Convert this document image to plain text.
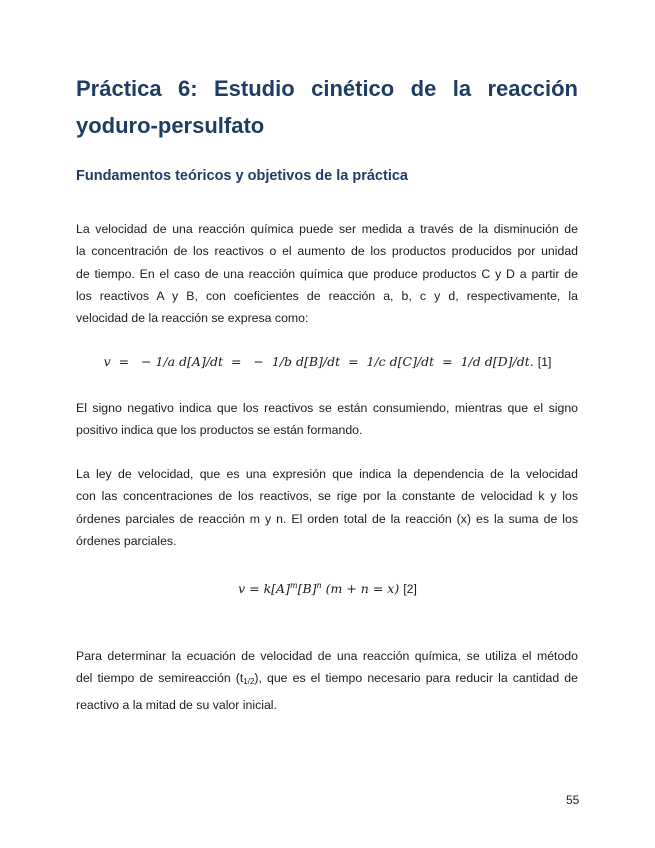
Práctica 6: Estudio cinético de la reacción
yoduro-persulfato
Fundamentos teóricos y objetivos de la práctica

La velocidad de una reacción química puede ser medida a través de la disminución de
la concentración de los reactivos o el aumento de los productos producidos por unidad
de tiempo. En el caso de una reacción química que produce productos C y D a partir de
los reactivos A y B, con coeficientes de reacción a, b, c y d, respectivamente, la
velocidad de la reacción se expresa como:

v  =   − 1/a d[A]/dt  =   −  1/b d[B]/dt  =  1/c d[C]/dt  =  1/d d[D]/dt. [1]

El signo negativo indica que los reactivos se están consumiendo, mientras que el signo
positivo indica que los productos se están formando.

La ley de velocidad, que es una expresión que indica la dependencia de la velocidad
con las concentraciones de los reactivos, se rige por la constante de velocidad k y los
órdenes parciales de reacción m y n. El orden total de la reacción (x) es la suma de los
órdenes parciales.

$v = k[A]^m[B]^n$ (m + n = x) [2]

Para determinar la ecuación de velocidad de una reacción química, se utiliza el método
del tiempo de semireacción $(t_{1/2})$, que es el tiempo necesario para reducir la cantidad de
reactivo a la mitad de su valor inicial.

55
